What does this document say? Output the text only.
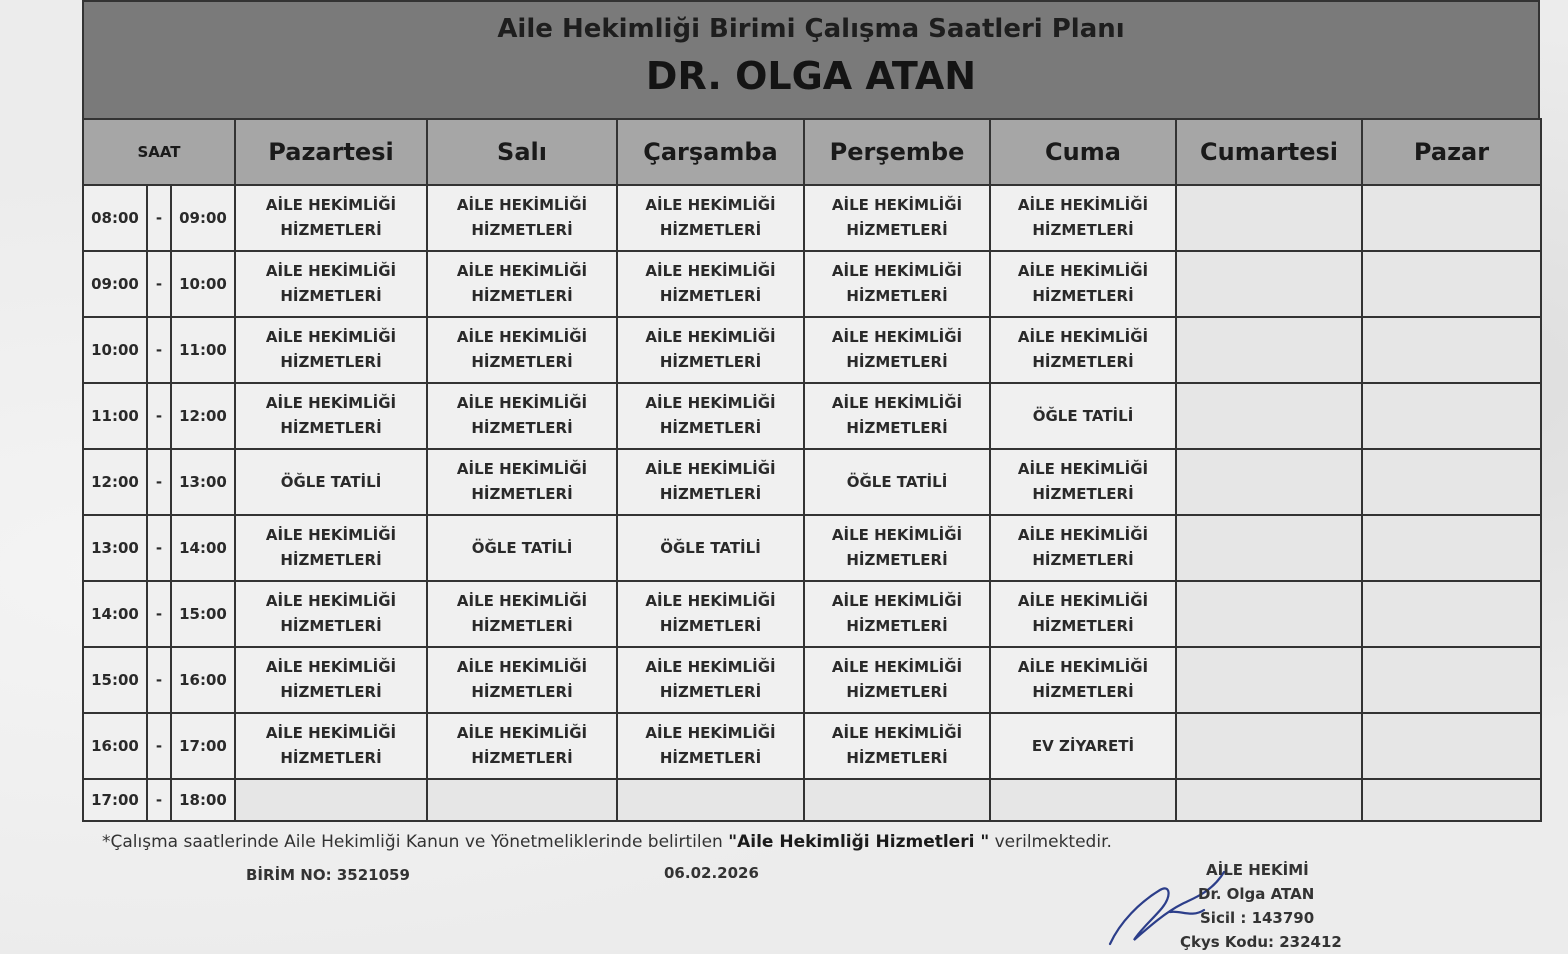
Aile Hekimliği Birimi Çalışma Saatleri Planı
DR. OLGA ATAN
SAAT			Pazartesi	Salı	Çarşamba	Perşembe	Cuma	Cumartesi	Pazar
08:00	-	09:00	AİLE HEKİMLİĞİ HİZMETLERİ	AİLE HEKİMLİĞİ HİZMETLERİ	AİLE HEKİMLİĞİ HİZMETLERİ	AİLE HEKİMLİĞİ HİZMETLERİ	AİLE HEKİMLİĞİ HİZMETLERİ		
09:00	-	10:00	AİLE HEKİMLİĞİ HİZMETLERİ	AİLE HEKİMLİĞİ HİZMETLERİ	AİLE HEKİMLİĞİ HİZMETLERİ	AİLE HEKİMLİĞİ HİZMETLERİ	AİLE HEKİMLİĞİ HİZMETLERİ		
10:00	-	11:00	AİLE HEKİMLİĞİ HİZMETLERİ	AİLE HEKİMLİĞİ HİZMETLERİ	AİLE HEKİMLİĞİ HİZMETLERİ	AİLE HEKİMLİĞİ HİZMETLERİ	AİLE HEKİMLİĞİ HİZMETLERİ		
11:00	-	12:00	AİLE HEKİMLİĞİ HİZMETLERİ	AİLE HEKİMLİĞİ HİZMETLERİ	AİLE HEKİMLİĞİ HİZMETLERİ	AİLE HEKİMLİĞİ HİZMETLERİ	ÖĞLE TATİLİ		
12:00	-	13:00	ÖĞLE TATİLİ	AİLE HEKİMLİĞİ HİZMETLERİ	AİLE HEKİMLİĞİ HİZMETLERİ	ÖĞLE TATİLİ	AİLE HEKİMLİĞİ HİZMETLERİ		
13:00	-	14:00	AİLE HEKİMLİĞİ HİZMETLERİ	ÖĞLE TATİLİ	ÖĞLE TATİLİ	AİLE HEKİMLİĞİ HİZMETLERİ	AİLE HEKİMLİĞİ HİZMETLERİ		
14:00	-	15:00	AİLE HEKİMLİĞİ HİZMETLERİ	AİLE HEKİMLİĞİ HİZMETLERİ	AİLE HEKİMLİĞİ HİZMETLERİ	AİLE HEKİMLİĞİ HİZMETLERİ	AİLE HEKİMLİĞİ HİZMETLERİ		
15:00	-	16:00	AİLE HEKİMLİĞİ HİZMETLERİ	AİLE HEKİMLİĞİ HİZMETLERİ	AİLE HEKİMLİĞİ HİZMETLERİ	AİLE HEKİMLİĞİ HİZMETLERİ	AİLE HEKİMLİĞİ HİZMETLERİ		
16:00	-	17:00	AİLE HEKİMLİĞİ HİZMETLERİ	AİLE HEKİMLİĞİ HİZMETLERİ	AİLE HEKİMLİĞİ HİZMETLERİ	AİLE HEKİMLİĞİ HİZMETLERİ	EV ZİYARETİ		
17:00	-	18:00							
*Çalışma saatlerinde Aile Hekimliği Kanun ve Yönetmeliklerinde belirtilen "Aile Hekimliği Hizmetleri " verilmektedir.
BİRİM NO: 3521059	06.02.2026	AİLE HEKİMİ
Dr. Olga ATAN
Sicil : 143790
Çkys Kodu: 232412
